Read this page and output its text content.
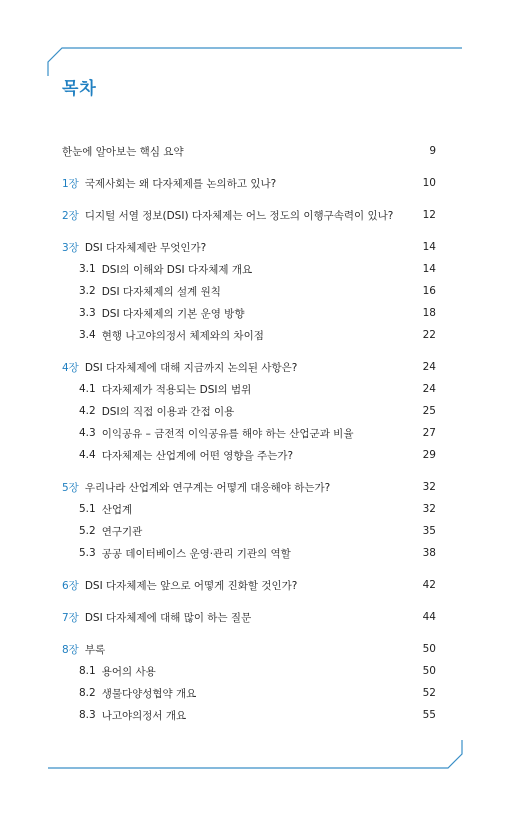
목차
한눈에 알아보는 핵심 요약	9
1장 국제사회는 왜 다자체제를 논의하고 있나?	10
2장 디지털 서열 정보(DSI) 다자체제는 어느 정도의 이행구속력이 있나?	12
3장 DSI 다자체제란 무엇인가?	14
3.1 DSI의 이해와 DSI 다자체제 개요	14
3.2 DSI 다자체제의 설계 원칙	16
3.3 DSI 다자체제의 기본 운영 방향	18
3.4 현행 나고야의정서 체제와의 차이점	22
4장 DSI 다자체제에 대해 지금까지 논의된 사항은?	24
4.1 다자체제가 적용되는 DSI의 범위	24
4.2 DSI의 직접 이용과 간접 이용	25
4.3 이익공유 – 금전적 이익공유를 해야 하는 산업군과 비율	27
4.4 다자체제는 산업계에 어떤 영향을 주는가?	29
5장 우리나라 산업계와 연구계는 어떻게 대응해야 하는가?	32
5.1 산업계	32
5.2 연구기관	35
5.3 공공 데이터베이스 운영·관리 기관의 역할	38
6장 DSI 다자체제는 앞으로 어떻게 진화할 것인가?	42
7장 DSI 다자체제에 대해 많이 하는 질문	44
8장 부록	50
8.1 용어의 사용	50
8.2 생물다양성협약 개요	52
8.3 나고야의정서 개요	55
